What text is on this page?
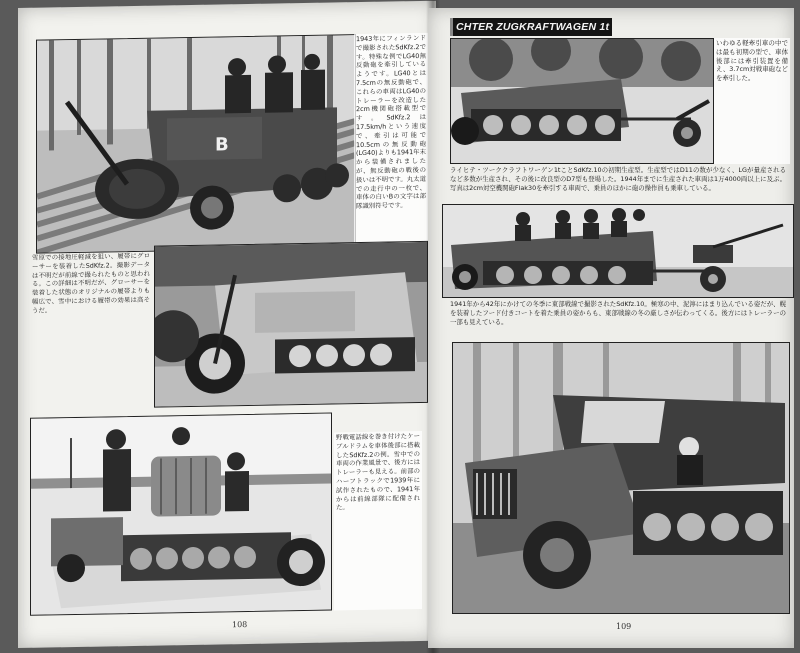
B
1943年にフィンランドで撮影されたSdKfz.2です。特殊な例でLG40無反動砲を牽引しているようです。LG40とは7.5cmの無反動砲で、これらの車両はLG40のトレーラーを改造した2cm機関砲搭載型です。SdKfz.2は17.5km/hという速度で、牽引は可能で10.5cmの無反動砲(LG40)よりも1941年末から装備されましたが、無反動砲の戦後の扱いは不明です。丸太道での走行中の一枚で、車体の白いBの文字は部隊識別符号です。
雪原での接地圧軽減を狙い、履帯にグローサーを装着したSdKfz.2。撮影データは不明だが前線で撮られたものと思われる。この詳細は不明だが、グローサーを装着した状態のオリジナルの履帯よりも幅広で、雪中における履帯の効果は高そうだ。
野戦電話線を巻き付けたケーブルドラムを車体後部に搭載したSdKfz.2の例。雪中での車両の作業風景で、後方にはトレーラーも見える。前部のハーフトラックで1939年に試作されたもので、1941年からは前線部隊に配備された。
108
CHTER ZUGKRAFTWAGEN 1t
いわゆる軽牽引車の中では最も初期の型で、車体後部には牽引装置を備え、3.7cm対戦車砲などを牽引した。
ライヒテ・ツーククラフトワーゲン1tことSdKfz.10の初期生産型。生産型ではD11の数が少なく、LGが量産されるなど多数が生産され、その後に改良型のD7型も登場した。1944年までに生産された車両は1万4000両以上に及ぶ。写真は2cm対空機関砲Flak30を牽引する車両で、乗員のほかに砲の操作員も乗車している。
1941年から42年にかけての冬季に東部戦線で撮影されたSdKfz.10。極寒の中、泥濘にはまり込んでいる姿だが、幌を装着したフード付きコートを着た乗員の姿からも、東部戦線の冬の厳しさが伝わってくる。後方にはトレーラーの一部も見えている。
109
